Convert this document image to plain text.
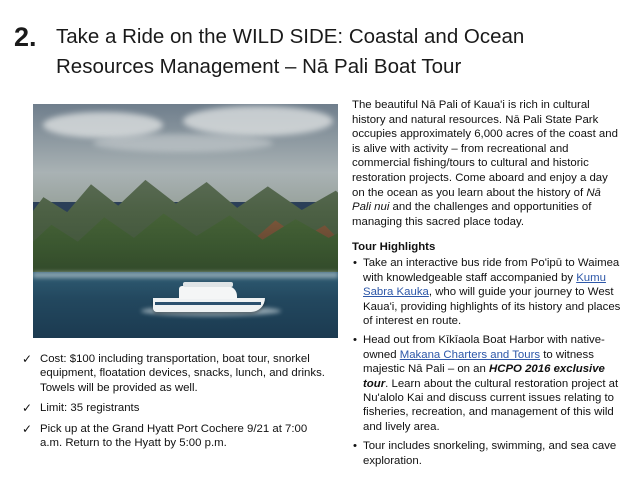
2. Take a Ride on the WILD SIDE: Coastal and Ocean Resources Management – Nā Pali Boat Tour

The beautiful Nā Pali of Kaua'i is rich in cultural history and natural resources. Nā Pali State Park occupies approximately 6,000 acres of the coast and is alive with activity – from recreational and commercial fishing/tours to cultural and historic restoration projects. Come aboard and enjoy a day on the ocean as you learn about the history of Nā Pali nui and the challenges and opportunities of managing this sacred place today.

Tour Highlights

• Take an interactive bus ride from Po'ipū to Waimea with knowledgeable staff accompanied by Kumu Sabra Kauka, who will guide your journey to West Kaua'i, providing highlights of its history and places of interest en route.
• Head out from Kīkīaola Boat Harbor with native-owned Makana Charters and Tours to witness majestic Nā Pali – on an HCPO 2016 exclusive tour. Learn about the cultural restoration project at Nu'alolo Kai and discuss current issues relating to fisheries, recreation, and management of this wild and lively area.
• Tour includes snorkeling, swimming, and sea cave exploration.
✓ Cost: $100 including transportation, boat tour, snorkel equipment, floatation devices, snacks, lunch, and drinks. Towels will be provided as well.
✓ Limit: 35 registrants
✓ Pick up at the Grand Hyatt Port Cochere 9/21 at 7:00 a.m. Return to the Hyatt by 5:00 p.m.
